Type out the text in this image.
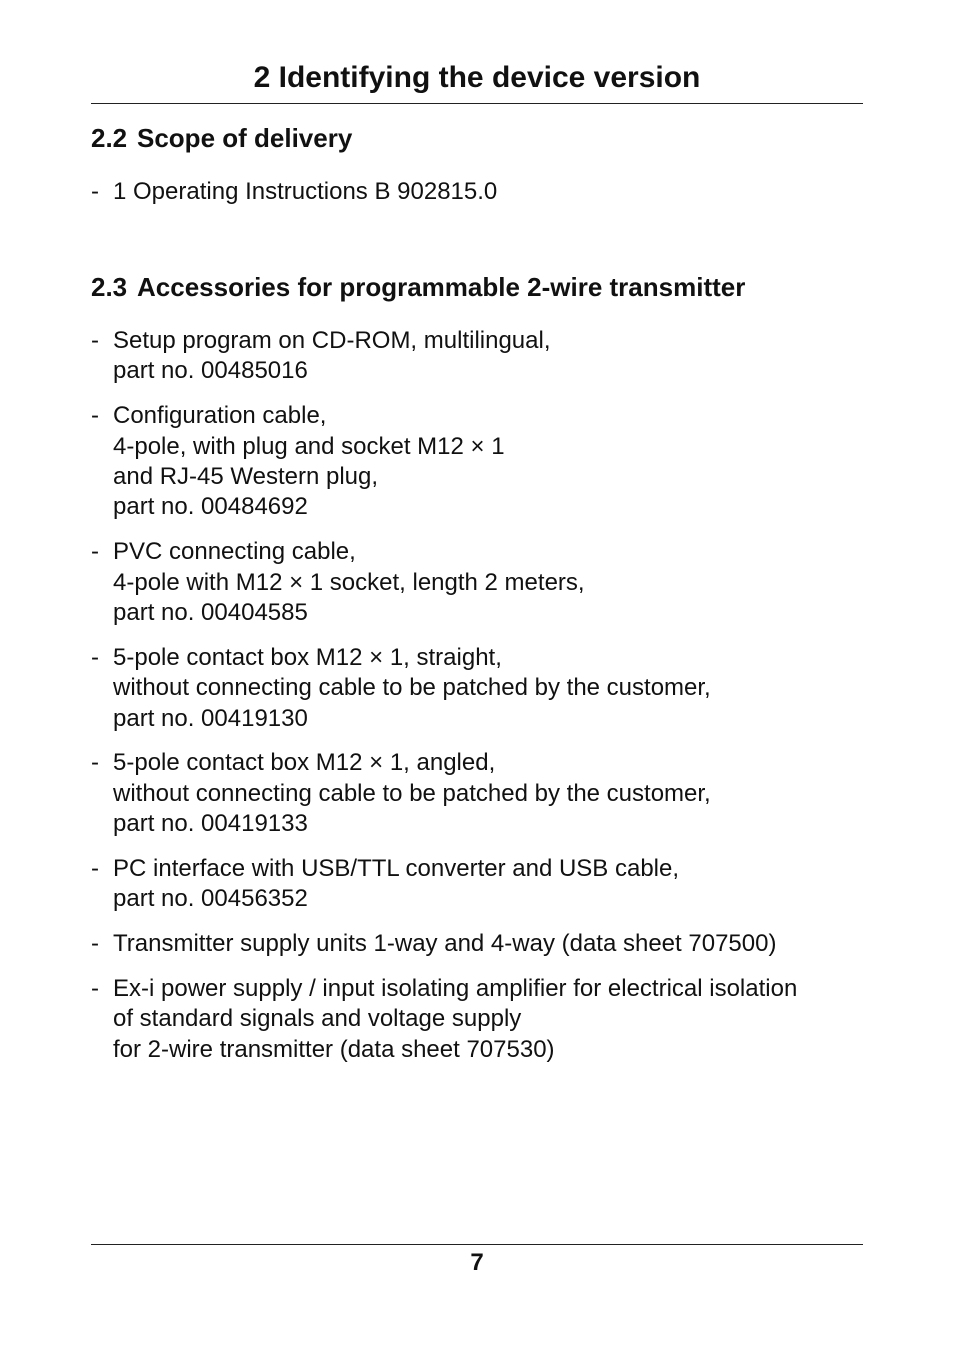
2 Identifying the device version
2.2 Scope of delivery
- 1 Operating Instructions B 902815.0
2.3 Accessories for programmable 2-wire transmitter
- Setup program on CD-ROM, multilingual,
part no. 00485016
- Configuration cable,
4-pole, with plug and socket M12 × 1
and RJ-45 Western plug,
part no. 00484692
- PVC connecting cable,
4-pole with M12 × 1 socket, length 2 meters,
part no. 00404585
- 5-pole contact box M12 × 1, straight,
without connecting cable to be patched by the customer,
part no. 00419130
- 5-pole contact box M12 × 1, angled,
without connecting cable to be patched by the customer,
part no. 00419133
- PC interface with USB/TTL converter and USB cable,
part no. 00456352
- Transmitter supply units 1-way and 4-way (data sheet 707500)
- Ex-i power supply / input isolating amplifier for electrical isolation
of standard signals and voltage supply
for 2-wire transmitter (data sheet 707530)
7
